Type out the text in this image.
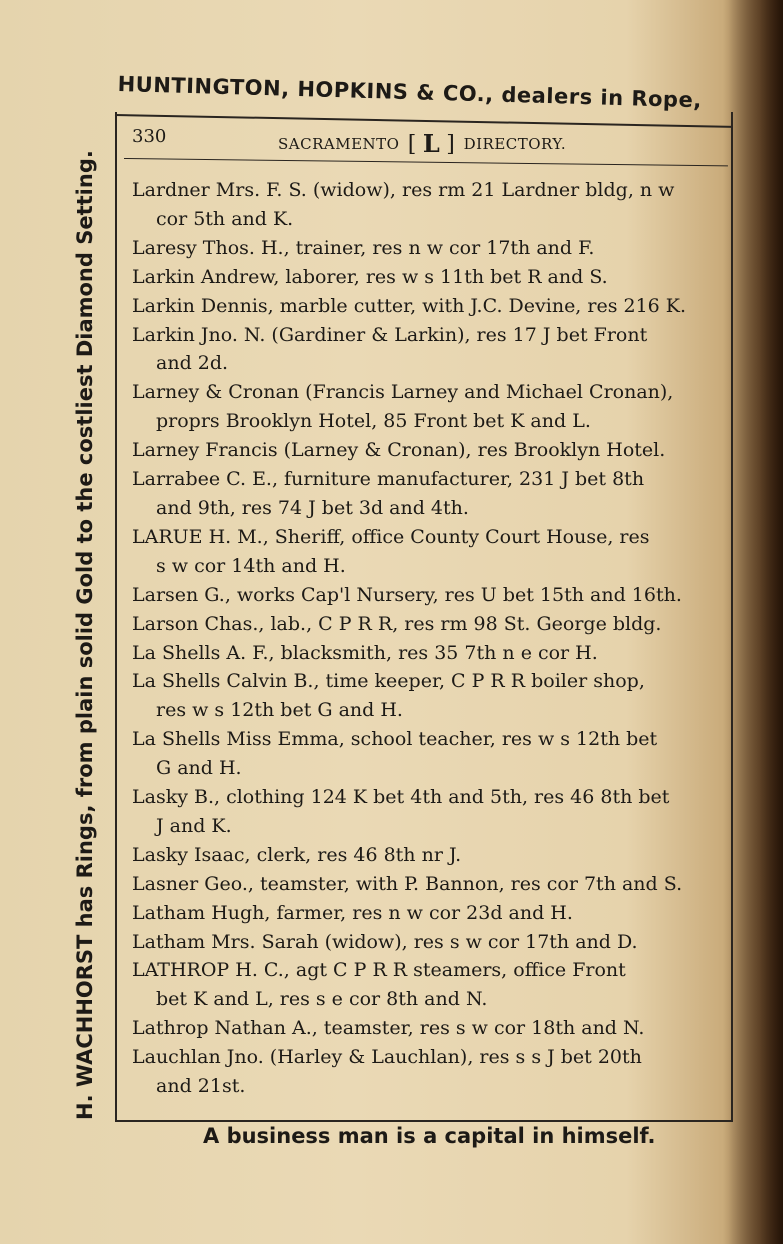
HUNTINGTON, HOPKINS & CO., dealers in Rope,
H. WACHHORST has Rings, from plain solid Gold to the costliest Diamond Setting.
330	SACRAMENTO [ L ] DIRECTORY.
Lardner Mrs. F. S. (widow), res rm 21 Lardner bldg, n w
cor 5th and K.
Laresy Thos. H., trainer, res n w cor 17th and F.
Larkin Andrew, laborer, res w s 11th bet R and S.
Larkin Dennis, marble cutter, with J.C. Devine, res 216 K.
Larkin Jno. N. (Gardiner & Larkin), res 17 J bet Front
and 2d.
Larney & Cronan (Francis Larney and Michael Cronan),
proprs Brooklyn Hotel, 85 Front bet K and L.
Larney Francis (Larney & Cronan), res Brooklyn Hotel.
Larrabee C. E., furniture manufacturer, 231 J bet 8th
and 9th, res 74 J bet 3d and 4th.
LARUE H. M., Sheriff, office County Court House, res
s w cor 14th and H.
Larsen G., works Cap'l Nursery, res U bet 15th and 16th.
Larson Chas., lab., C P R R, res rm 98 St. George bldg.
La Shells A. F., blacksmith, res 35 7th n e cor H.
La Shells Calvin B., time keeper, C P R R boiler shop,
res w s 12th bet G and H.
La Shells Miss Emma, school teacher, res w s 12th bet
G and H.
Lasky B., clothing 124 K bet 4th and 5th, res 46 8th bet
J and K.
Lasky Isaac, clerk, res 46 8th nr J.
Lasner Geo., teamster, with P. Bannon, res cor 7th and S.
Latham Hugh, farmer, res n w cor 23d and H.
Latham Mrs. Sarah (widow), res s w cor 17th and D.
LATHROP H. C., agt C P R R steamers, office Front
bet K and L, res s e cor 8th and N.
Lathrop Nathan A., teamster, res s w cor 18th and N.
Lauchlan Jno. (Harley & Lauchlan), res s s J bet 20th
and 21st.
A business man is a capital in himself.
